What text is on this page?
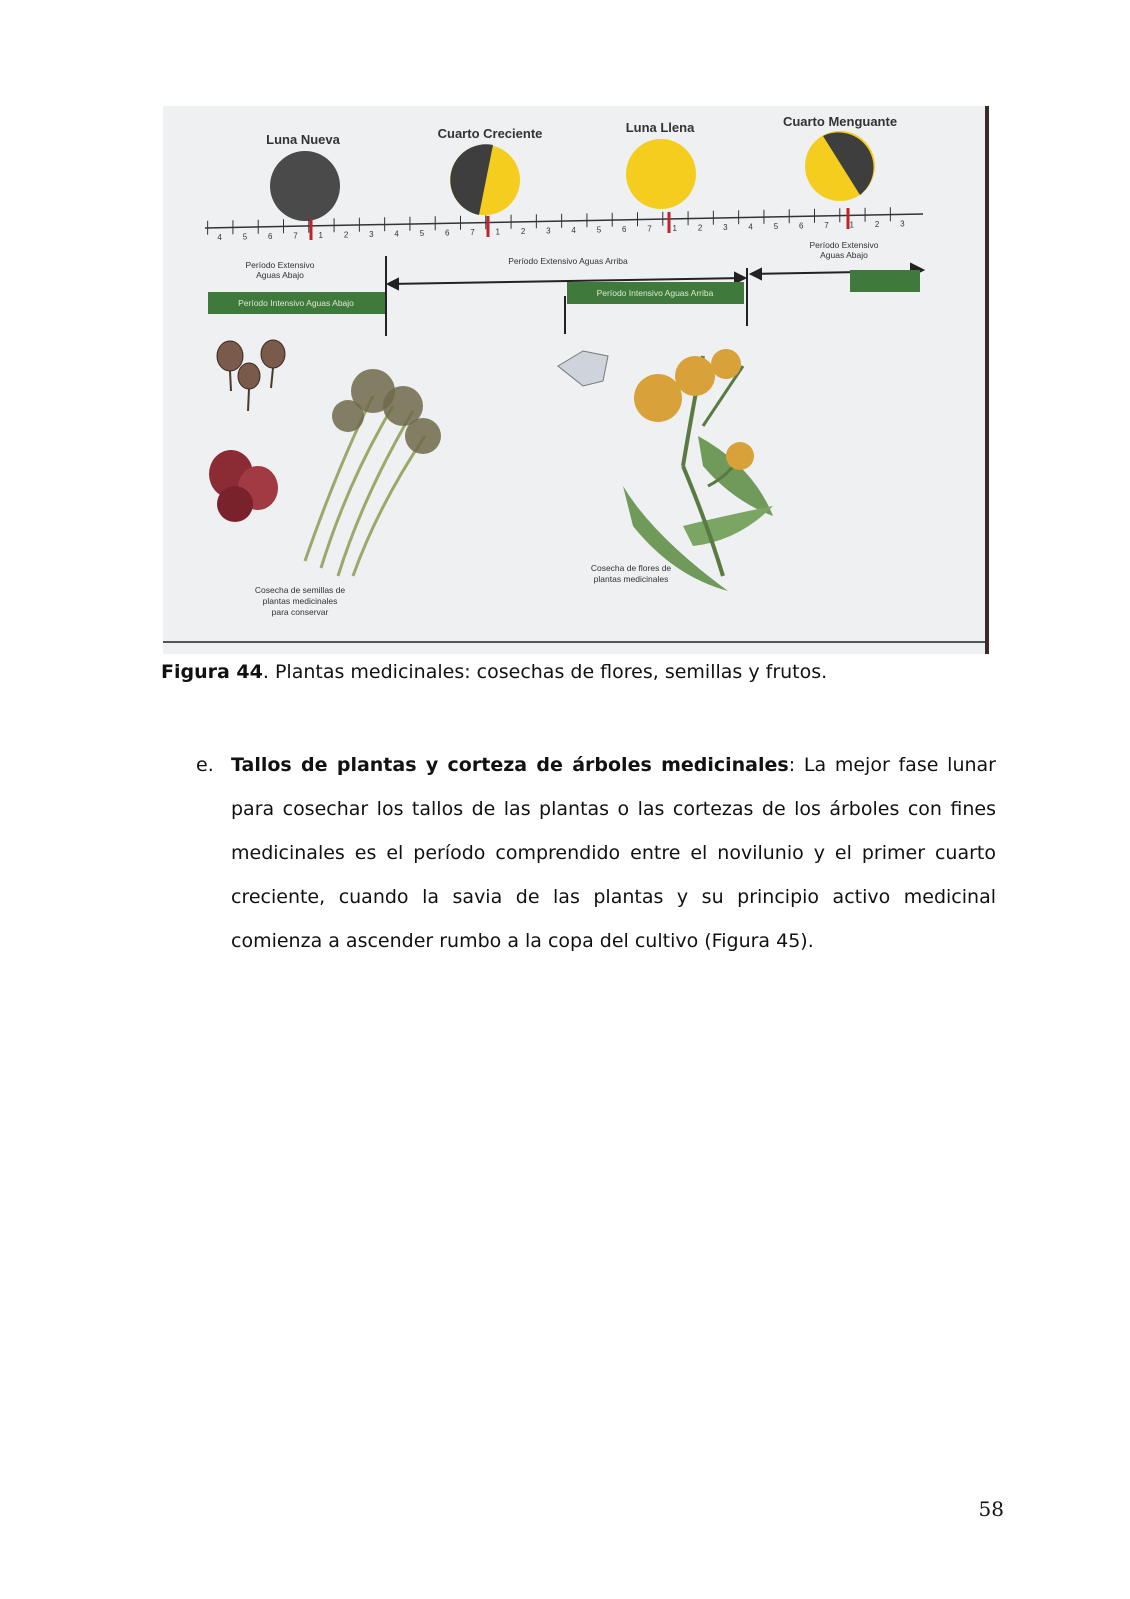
Luna Nueva	Cuarto Creciente	Luna Llena	Cuarto Menguante
4	5	6	7	1	2	3	4	5	6	7	1	2	3	4	5	6	7	1	2	3	4	5	6	7	1	2	3
Período Extensivo
Aguas Abajo
Período Extensivo Aguas Arriba
Período Extensivo
Aguas Abajo
Período Intensivo Aguas Abajo
Período Intensivo Aguas Arriba
Cosecha de semillas de
plantas medicinales
para conservar
Cosecha de flores de
plantas medicinales
Figura 44. Plantas medicinales: cosechas de flores, semillas y frutos.
e. Tallos de plantas y corteza de árboles medicinales: La mejor fase lunar para cosechar los tallos de las plantas o las cortezas de los árboles con fines medicinales es el período comprendido entre el novilunio y el primer cuarto creciente, cuando la savia de las plantas y su principio activo medicinal comienza a ascender rumbo a la copa del cultivo (Figura 45).
58
